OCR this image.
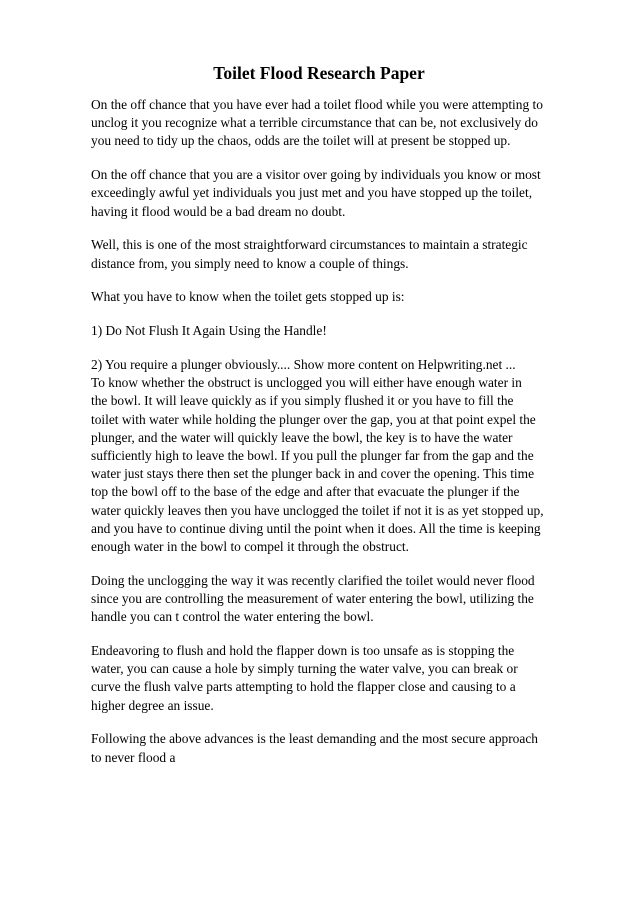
Toilet Flood Research Paper

On the off chance that you have ever had a toilet flood while you were attempting to
unclog it you recognize what a terrible circumstance that can be, not exclusively do
you need to tidy up the chaos, odds are the toilet will at present be stopped up.

On the off chance that you are a visitor over going by individuals you know or most
exceedingly awful yet individuals you just met and you have stopped up the toilet,
having it flood would be a bad dream no doubt.

Well, this is one of the most straightforward circumstances to maintain a strategic
distance from, you simply need to know a couple of things.

What you have to know when the toilet gets stopped up is:

1) Do Not Flush It Again Using the Handle!

2) You require a plunger obviously.... Show more content on Helpwriting.net ...
To know whether the obstruct is unclogged you will either have enough water in
the bowl. It will leave quickly as if you simply flushed it or you have to fill the
toilet with water while holding the plunger over the gap, you at that point expel the
plunger, and the water will quickly leave the bowl, the key is to have the water
sufficiently high to leave the bowl. If you pull the plunger far from the gap and the
water just stays there then set the plunger back in and cover the opening. This time
top the bowl off to the base of the edge and after that evacuate the plunger if the
water quickly leaves then you have unclogged the toilet if not it is as yet stopped up,
and you have to continue diving until the point when it does. All the time is keeping
enough water in the bowl to compel it through the obstruct.

Doing the unclogging the way it was recently clarified the toilet would never flood
since you are controlling the measurement of water entering the bowl, utilizing the
handle you can t control the water entering the bowl.

Endeavoring to flush and hold the flapper down is too unsafe as is stopping the
water, you can cause a hole by simply turning the water valve, you can break or
curve the flush valve parts attempting to hold the flapper close and causing to a
higher degree an issue.

Following the above advances is the least demanding and the most secure approach
to never flood a
